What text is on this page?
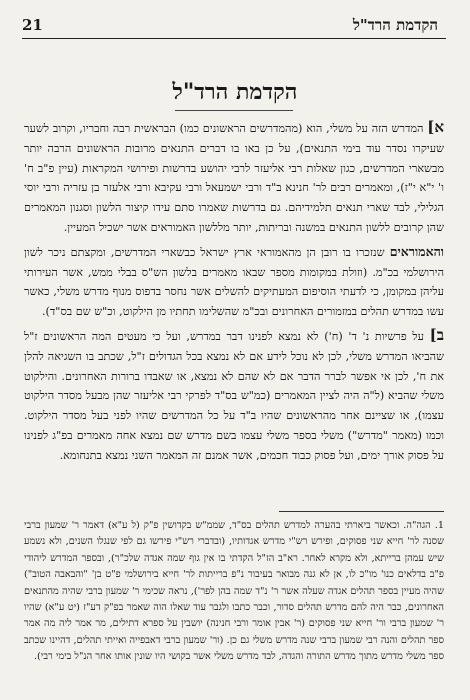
הקדמת הרד"ל
21
הקדמת הרד"ל

א] המדרש הזה על משלי, הוא (מהמדרשים הראשונים כמו) הבראשית רבה וחבריו, וקרוב לשער שעיקרו נסדר עוד בימי התנאים), על כן באו בו דברים התנאים מרובות הראשונים הרבה יותר מבשארי המדרשים, כגון שאלות רבי אליעזר לרבי יהושע בדרשות ופירושי המקראות (עיין פ"ב ח' ו' י"א י"ז), ומאמרים רבים לר' חנינא ב"ד ורבי ישמעאל ורבי עקיבא ורבי אלעזר בן עזריה ורבי יוסי הגלילי, לבד שארי תנאים תלמידיהם. גם בדרשות שאמרו סתם עידו קיצור הלשון וסגנון המאמרים שהן קרובים ללשון התנאים במשנה ובריתות, יותר מללשון האמוראים אשר ישכיל המעיין.

והאמוראים שנזכרו בו רובן הן מהאמוראי ארץ ישראל כבשארי המדרשים, ומקצתם ניכר לשון הירושלמי בכ"מ. (וזולת במקומות מספר שבאו מאמרים בלשון הש"ס בבלי ממש, אשר העירותי עליהן במקומן, כי לדעתי הוסיפום המעתיקים להשלים אשר נחסר בדפוס מנוף מדרש משלי, כאשר עשו במדרש תהלים במזמורים האחרונים ובכ"מ שהשלימו תחתיו מן הילקוט, וכ"ש שם בס"ד).

ב] על פרשיות נ' ד' (ח') לא נמצא לפנינו דבר במדרש, ועל כי מעטים המה הראשונים ז"ל שהביאו המדרש משלי, לכן לא נוכל לידע אם לא נמצא בכל הגדולים ז"ל, שכתב בו השגיאה להלן את ח', לכן אי אפשר לברר הדבר אם לא שהם לא נמצא, או שאבדו ברורות האחרונים. והילקוט משלי שהביא (ל"ה היה לציין המאמרים (כמ"ש בס"ד לפרקי רבי אליעזר שהן מבעל מסדר הילקוט עצמו), או שציינם אחר מהראשונים שהיו ב"ד על כל המדרשים שהיו לפני בעל מסדר הילקוט. וכמו (מאמר "מדרש") משלי בספר משלי עצמו בשם מדרש שם נמצא אחה מאמרים בפ"ג לפנינו על פסוק אורך ימים, ועל פסוק כבוד חכמים, אשר אמנם זה המאמר השני נמצא בתנחומא.

1. הגה"ה. וכאשר ביארתי בהערה למדרש תהלים בס"ד, שממ"ש בקדושין פ"ק (ל ע"א) דאמר ר' שמעון ברבי שסנה לר' חייא שני פסוקים, ופירש רש"י מדרש אגדותיו, (ובדברי רש"י פירשו גם לפי שנגלו השנים, ולא נשמע שיש עמהן ברייתא, ולא מקרא לאחר. רא"ב הז"ל הקדתי בו אין גוף שמה אגדה שלכ"ר), ובספר המדרש ליהודי פ"ב בדלאים כנו' מו"כ לו, אן לא גנה מבואר בעיבור נ"פ ברייתות לר' חייא בירושלמי פ"ט בן' "והבאבה הטוב") שהיה מעיין בספר תהלים אגדה שעלה אשר ר' נ"ד שמה בהן לפר'), נראה שכימי ר' שמעון ברבי שהיה מהתנאים האחרונים, כבר היה להם מדרש תהלים סדור, וכבר כתבו ולגבר עוד שאלו הוה שאמר בפ"ק דע"ז (יט ע"א) שהיו ר' שמעון ברבי ור' חייא שני פסוקים (ר' אבין אומר ורבי חנינה) יושבין על ספרא דתילים, מר אמר ליה מה אמר ספר תהלים והנה רבי שמעון ברבי שנה מדרש משלי גם כן. (ור' שמעון ברבי דאבפייה ואייתי תהלים, דהיינו שכתב ספר משלי מדרש מתוך מדרש התורה והגדה, לבד מדרש משלי אשר בקושי היו שונין אותו אחר הנ"ל בימי רבי).
